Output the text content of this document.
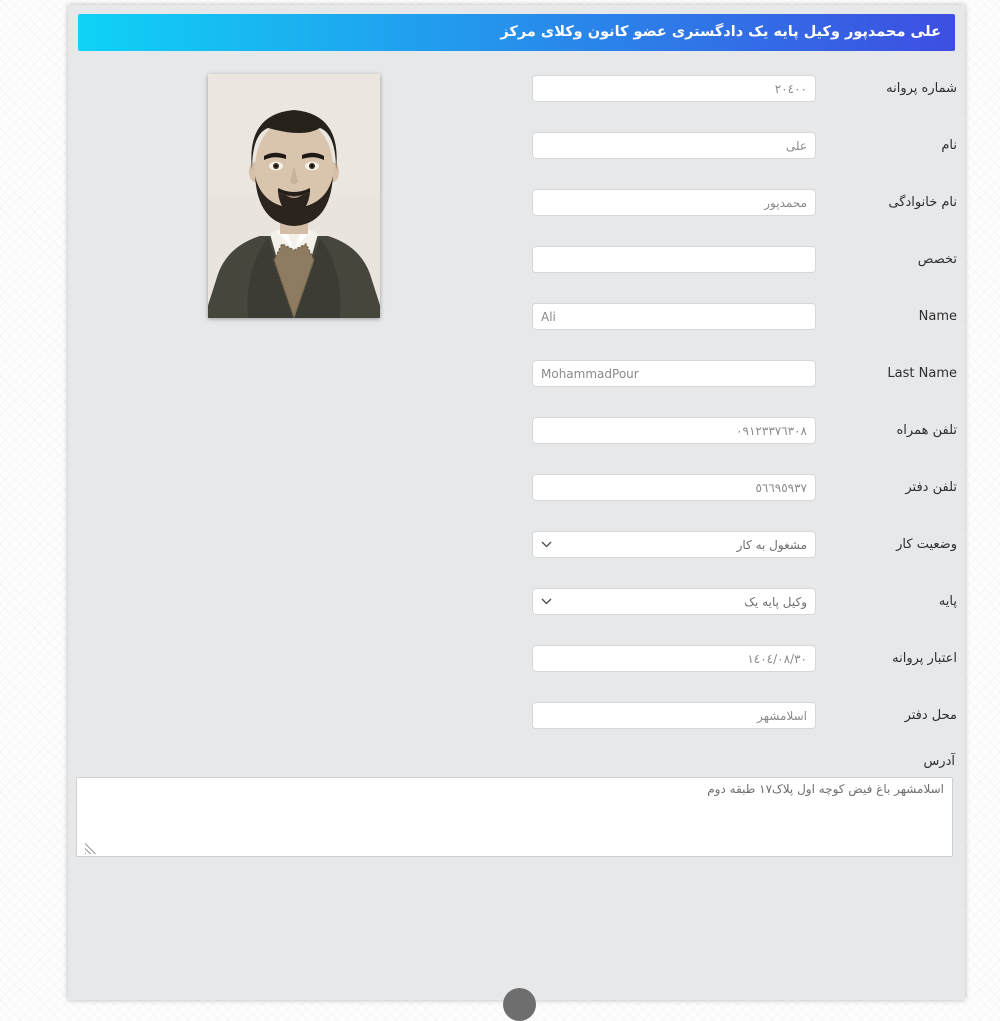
علی محمدپور وکیل پایه یک دادگستری عضو کانون وکلای مرکز
شماره پروانه
٢٠٤٠٠
نام
علی
نام خانوادگی
محمدپور
تخصص
Name
Ali
Last Name
MohammadPour
تلفن همراه
٠٩١٢٣٣٧٦٣٠٨
تلفن دفتر
٥٦٦٩٥٩٣٧
وضعیت کار
مشغول به کار
پایه
وکیل پایه یک
اعتبار پروانه
١٤٠٤/٠٨/٣٠
محل دفتر
اسلامشهر
آدرس
اسلامشهر باغ فیض کوچه اول پلاک۱۷ طبقه دوم
